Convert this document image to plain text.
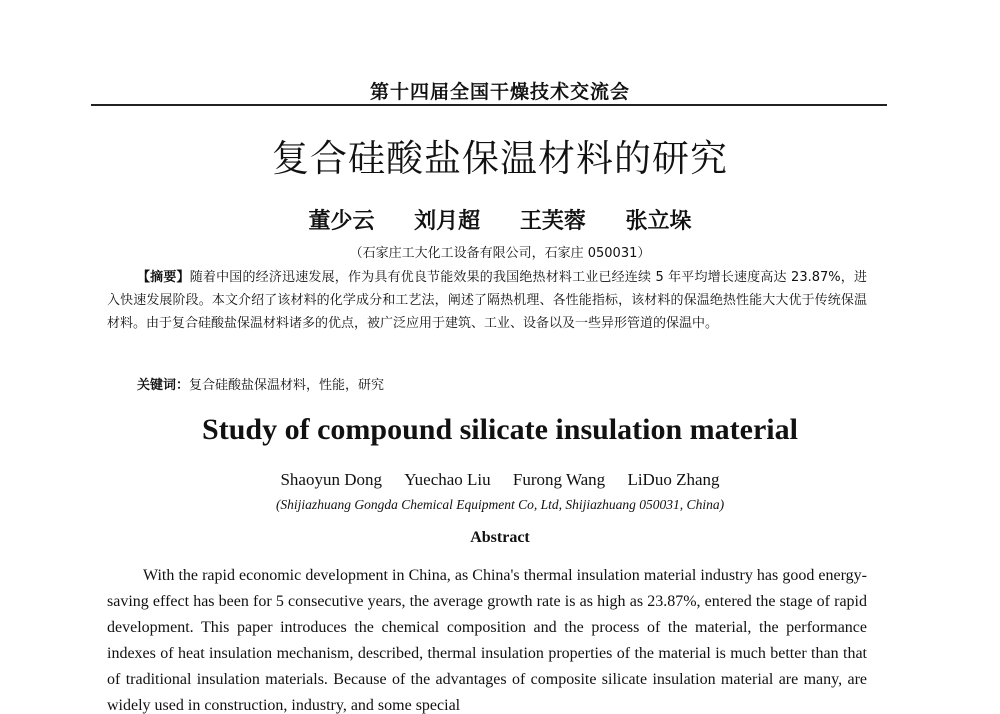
第十四届全国干燥技术交流会
复合硅酸盐保温材料的研究
董少云 刘月超 王芙蓉 张立垛
（石家庄工大化工设备有限公司，石家庄 050031）
【摘要】随着中国的经济迅速发展，作为具有优良节能效果的我国绝热材料工业已经连续 5 年平均增长速度高达 23.87%，进入快速发展阶段。本文介绍了该材料的化学成分和工艺法，阐述了隔热机理、各性能指标，该材料的保温绝热性能大大优于传统保温材料。由于复合硅酸盐保温材料诸多的优点，被广泛应用于建筑、工业、设备以及一些异形管道的保温中。
关键词：复合硅酸盐保温材料，性能，研究
Study of compound silicate insulation material
Shaoyun Dong Yuechao Liu Furong Wang LiDuo Zhang
(Shijiazhuang Gongda Chemical Equipment Co, Ltd, Shijiazhuang 050031, China)
Abstract
With the rapid economic development in China, as China's thermal insulation material industry has good energy-saving effect has been for 5 consecutive years, the average growth rate is as high as 23.87%, entered the stage of rapid development. This paper introduces the chemical composition and the process of the material, the performance indexes of heat insulation mechanism, described, thermal insulation properties of the material is much better than that of traditional insulation materials. Because of the advantages of composite silicate insulation material are many, are widely used in construction, industry, and some special
